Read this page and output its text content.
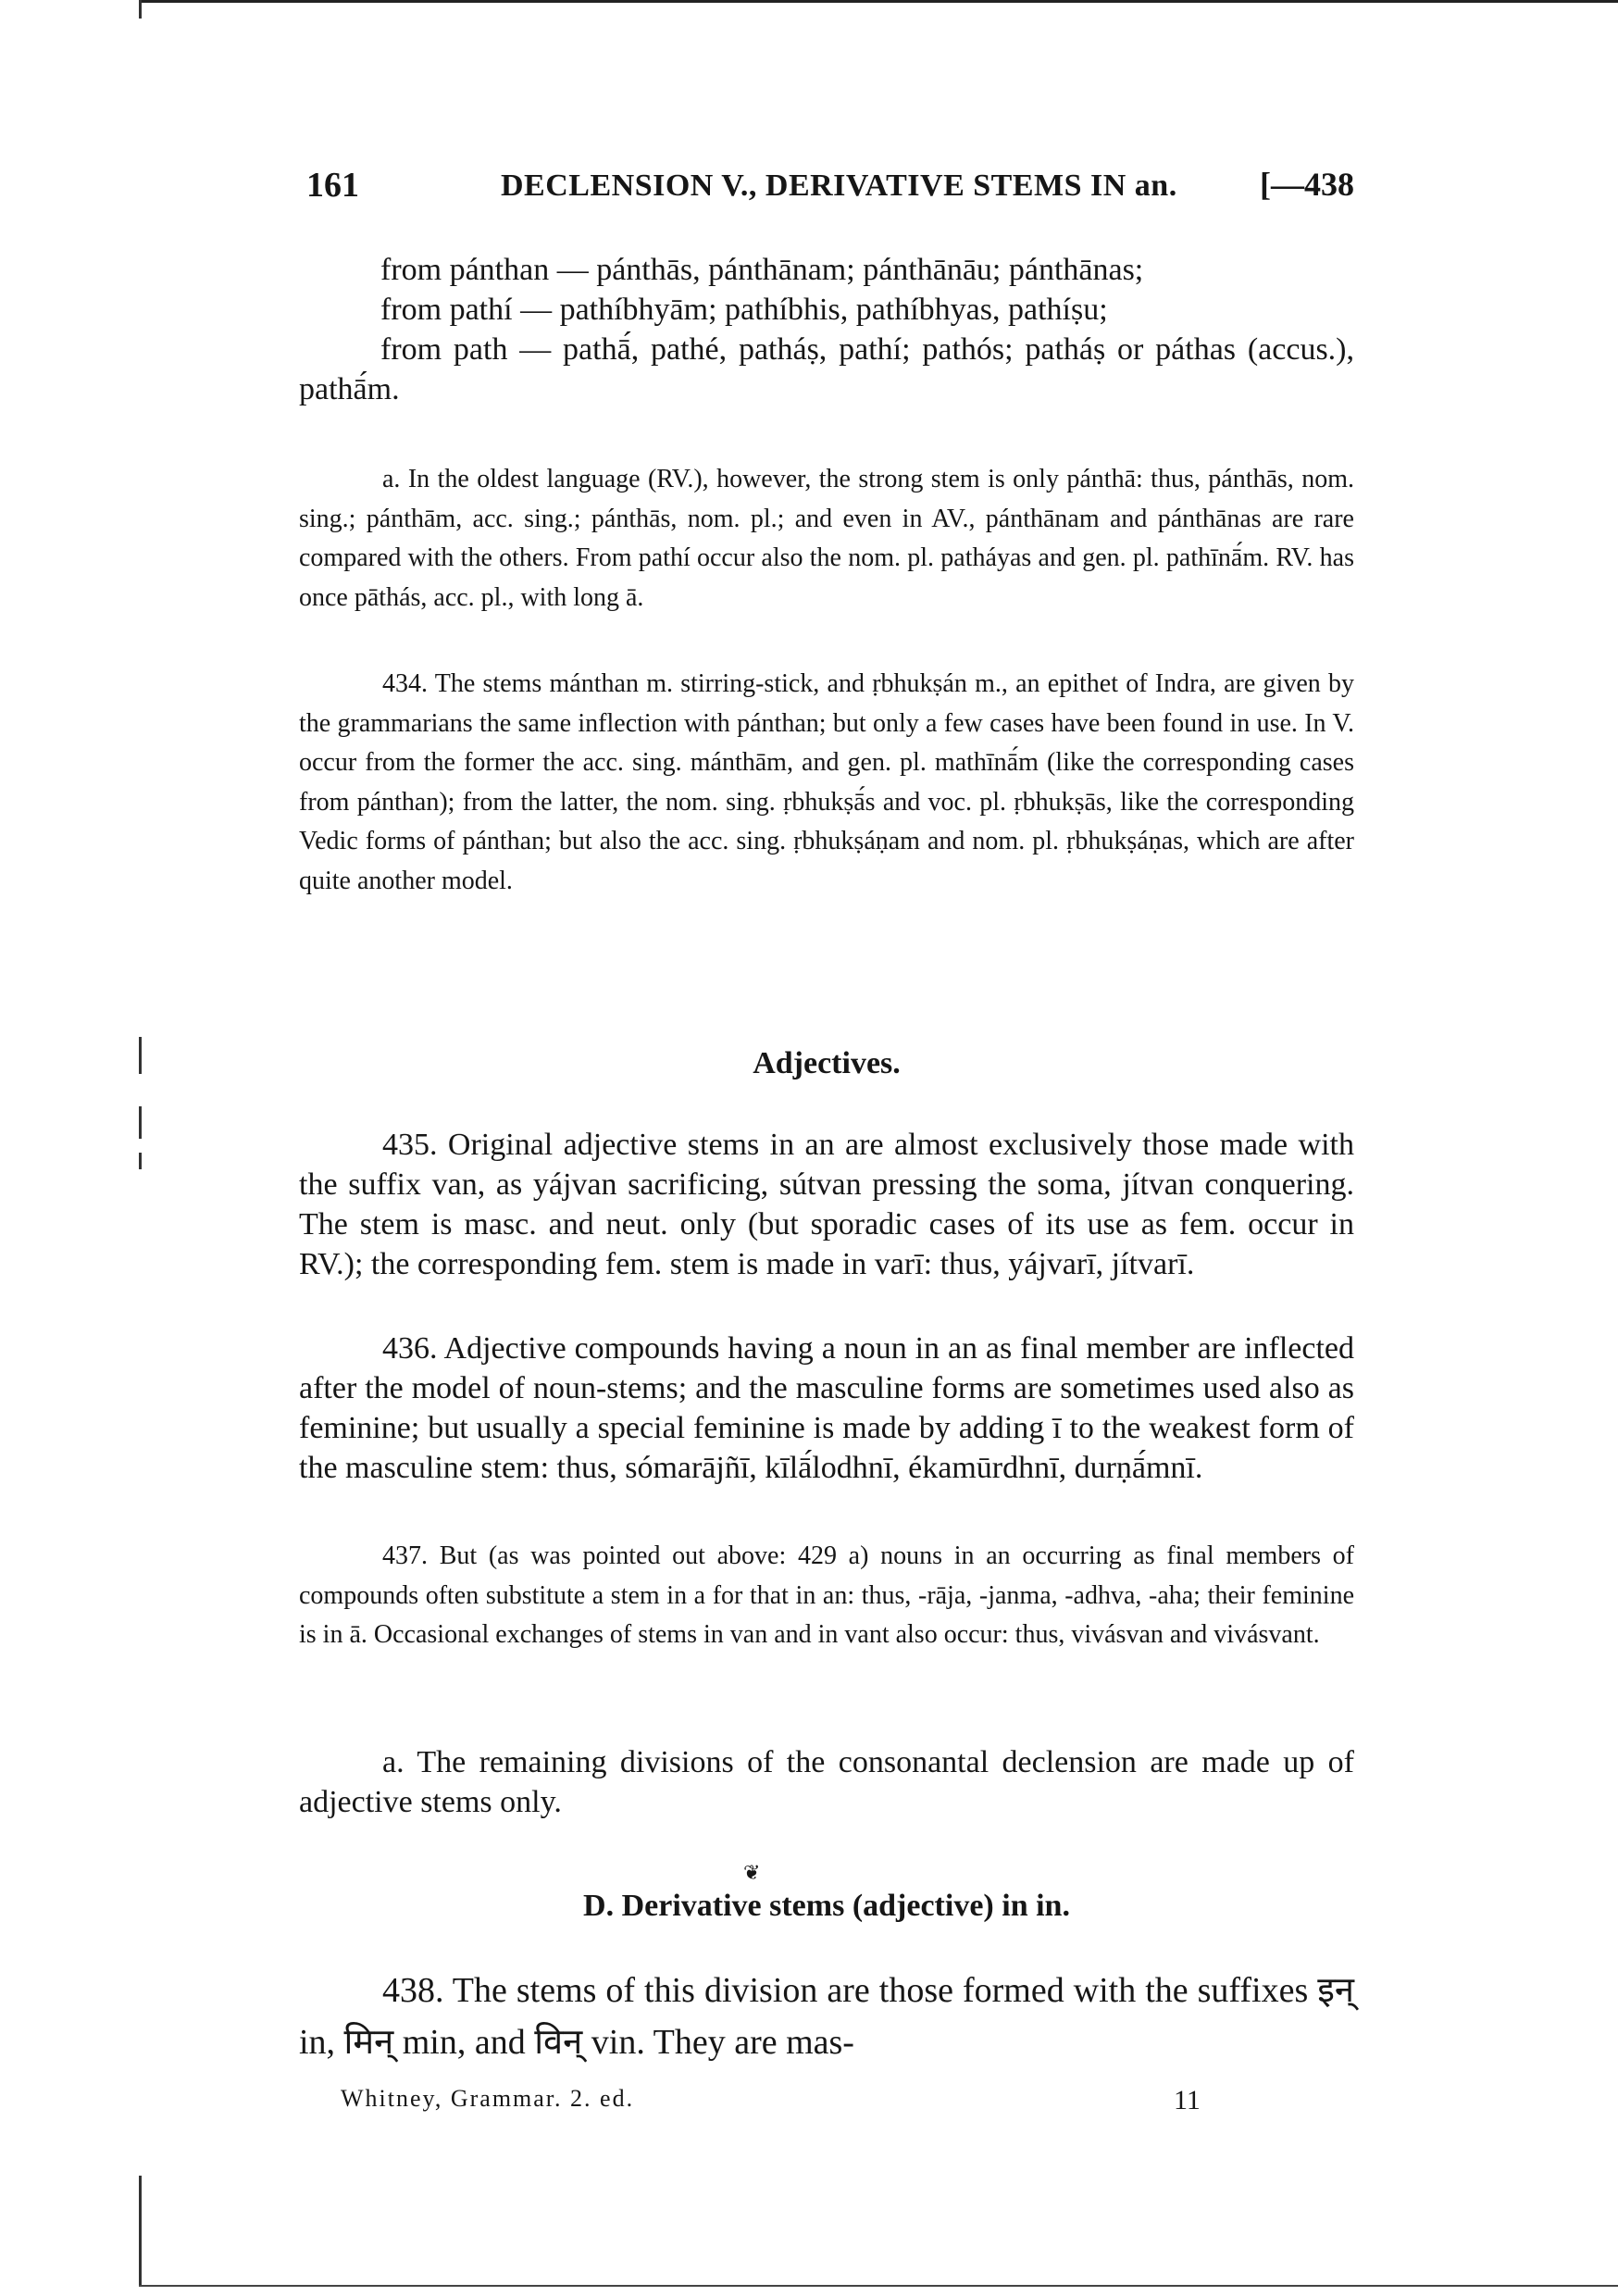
161	DECLENSION V., DERIVATIVE STEMS IN an. [—438

from pánthan — pánthās, pánthānam; pánthānāu; pánthānas;

from pathí — pathíbhyām; pathíbhis, pathíbhyas, pathíṣu;

from path — pathā́, pathé, patháṣ, pathí; pathós; patháṣ or páthas (accus.), pathā́m.

a. In the oldest language (RV.), however, the strong stem is only pánthā: thus, pánthās, nom. sing.; pánthām, acc. sing.; pánthās, nom. pl.; and even in AV., pánthānam and pánthānas are rare compared with the others. From pathí occur also the nom. pl. patháyas and gen. pl. pathīnā́m. RV. has once pāthás, acc. pl., with long ā.

434. The stems mánthan m. stirring-stick, and ṛbhukṣán m., an epithet of Indra, are given by the grammarians the same inflection with pánthan; but only a few cases have been found in use. In V. occur from the former the acc. sing. mánthām, and gen. pl. mathīnā́m (like the corresponding cases from pánthan); from the latter, the nom. sing. ṛbhukṣā́s and voc. pl. ṛbhukṣās, like the corresponding Vedic forms of pánthan; but also the acc. sing. ṛbhukṣáṇam and nom. pl. ṛbhukṣáṇas, which are after quite another model.

Adjectives.

435. Original adjective stems in an are almost exclusively those made with the suffix van, as yájvan sacrificing, sútvan pressing the soma, jítvan conquering. The stem is masc. and neut. only (but sporadic cases of its use as fem. occur in RV.); the corresponding fem. stem is made in varī: thus, yájvarī, jítvarī.

436. Adjective compounds having a noun in an as final member are inflected after the model of noun-stems; and the masculine forms are sometimes used also as feminine; but usually a special feminine is made by adding ī to the weakest form of the masculine stem: thus, sómarājñī, kīlā́lodhnī, ékamūrdhnī, durṇā́mnī.

437. But (as was pointed out above: 429 a) nouns in an occurring as final members of compounds often substitute a stem in a for that in an: thus, -rāja, -janma, -adhva, -aha; their feminine is in ā. Occasional exchanges of stems in van and in vant also occur: thus, vivásvan and vivásvant.

a. The remaining divisions of the consonantal declension are made up of adjective stems only.

❦
D. Derivative stems (adjective) in in.

438. The stems of this division are those formed with the suffixes इन् in, मिन् min, and विन् vin. They are mas-

Whitney, Grammar. 2. ed.	11
